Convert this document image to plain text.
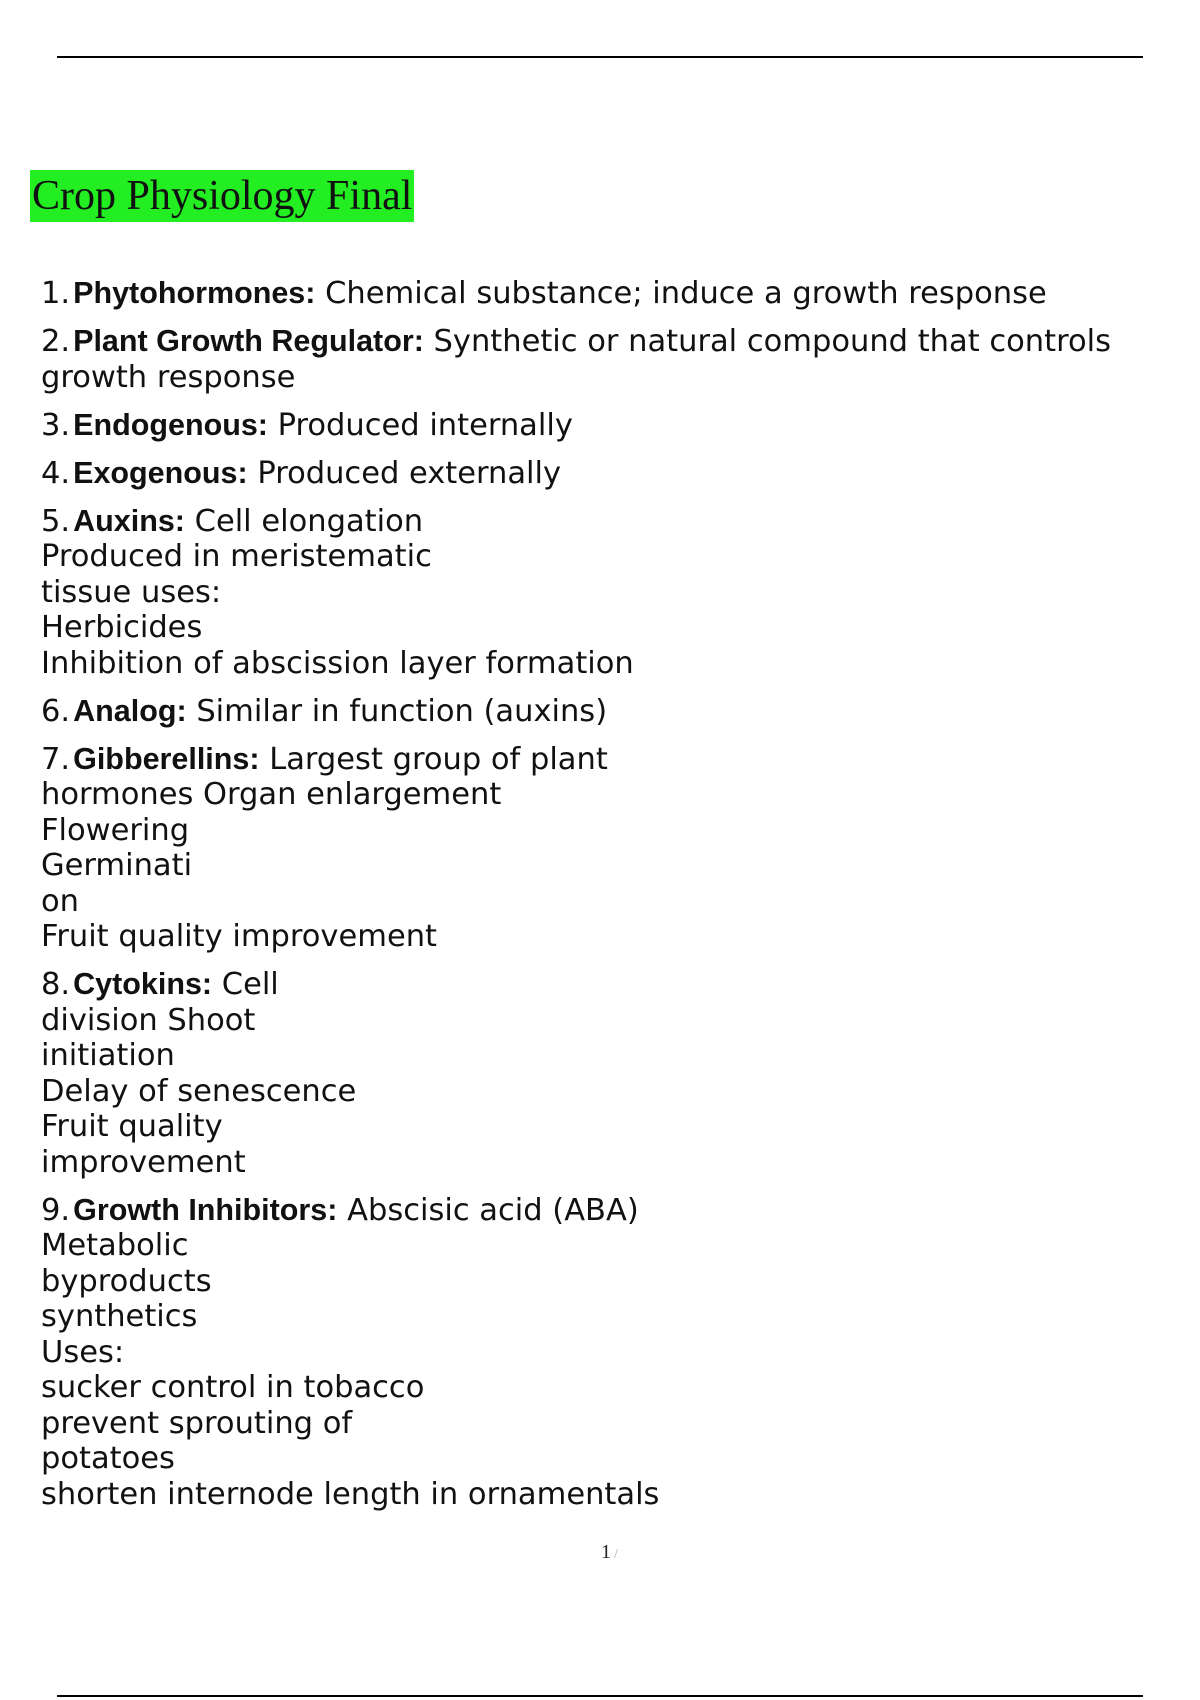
Crop Physiology Final
1.Phytohormones: Chemical substance; induce a growth response
2.Plant Growth Regulator: Synthetic or natural compound that controls
growth response
3.Endogenous: Produced internally
4.Exogenous: Produced externally
5.Auxins: Cell elongation
Produced in meristematic
tissue uses:
Herbicides
Inhibition of abscission layer formation
6.Analog: Similar in function (auxins)
7.Gibberellins: Largest group of plant
hormones Organ enlargement
Flowering
Germinati
on
Fruit quality improvement
8.Cytokins: Cell
division Shoot
initiation
Delay of senescence
Fruit quality
improvement
9.Growth Inhibitors: Abscisic acid (ABA)
Metabolic
byproducts
synthetics
Uses:
sucker control in tobacco
prevent sprouting of
potatoes
shorten internode length in ornamentals
1 /
